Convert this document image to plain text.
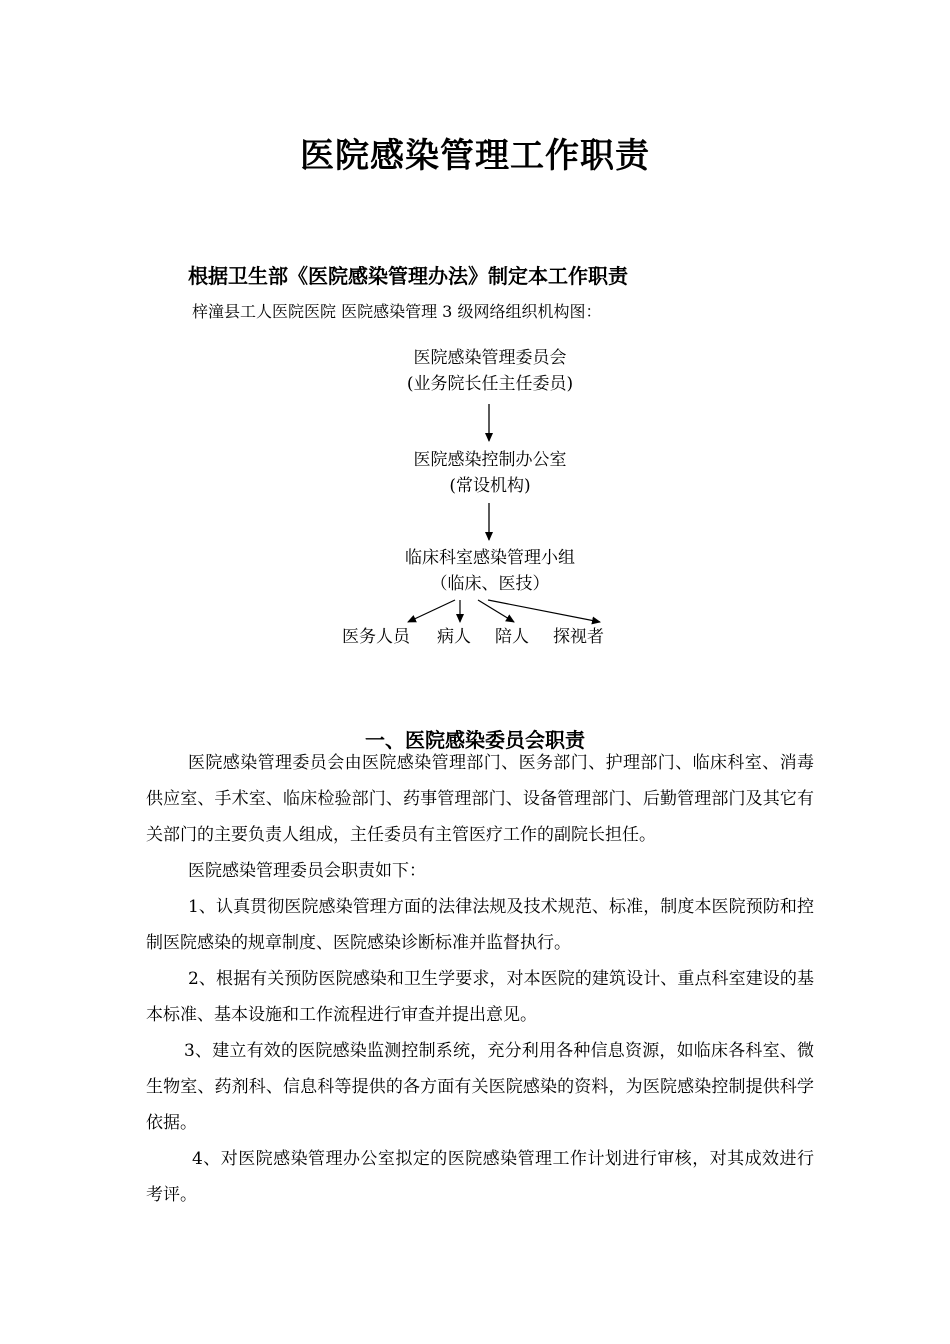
医院感染管理工作职责
根据卫生部《医院感染管理办法》制定本工作职责
梓潼县工人医院医院 医院感染管理 3 级网络组织机构图：
医院感染管理委员会
(业务院长任主任委员)
医院感染控制办公室
(常设机构)
临床科室感染管理小组
（临床、医技）
医务人员 病人 陪人 探视者
一、医院感染委员会职责
医院感染管理委员会由医院感染管理部门、医务部门、护理部门、临床科室、消毒供应室、手术室、临床检验部门、药事管理部门、设备管理部门、后勤管理部门及其它有关部门的主要负责人组成，主任委员有主管医疗工作的副院长担任。
医院感染管理委员会职责如下：
1、认真贯彻医院感染管理方面的法律法规及技术规范、标准，制度本医院预防和控制医院感染的规章制度、医院感染诊断标准并监督执行。
2、根据有关预防医院感染和卫生学要求，对本医院的建筑设计、重点科室建设的基本标准、基本设施和工作流程进行审查并提出意见。
3、建立有效的医院感染监测控制系统，充分利用各种信息资源，如临床各科室、微生物室、药剂科、信息科等提供的各方面有关医院感染的资料，为医院感染控制提供科学依据。
4、对医院感染管理办公室拟定的医院感染管理工作计划进行审核，对其成效进行考评。
